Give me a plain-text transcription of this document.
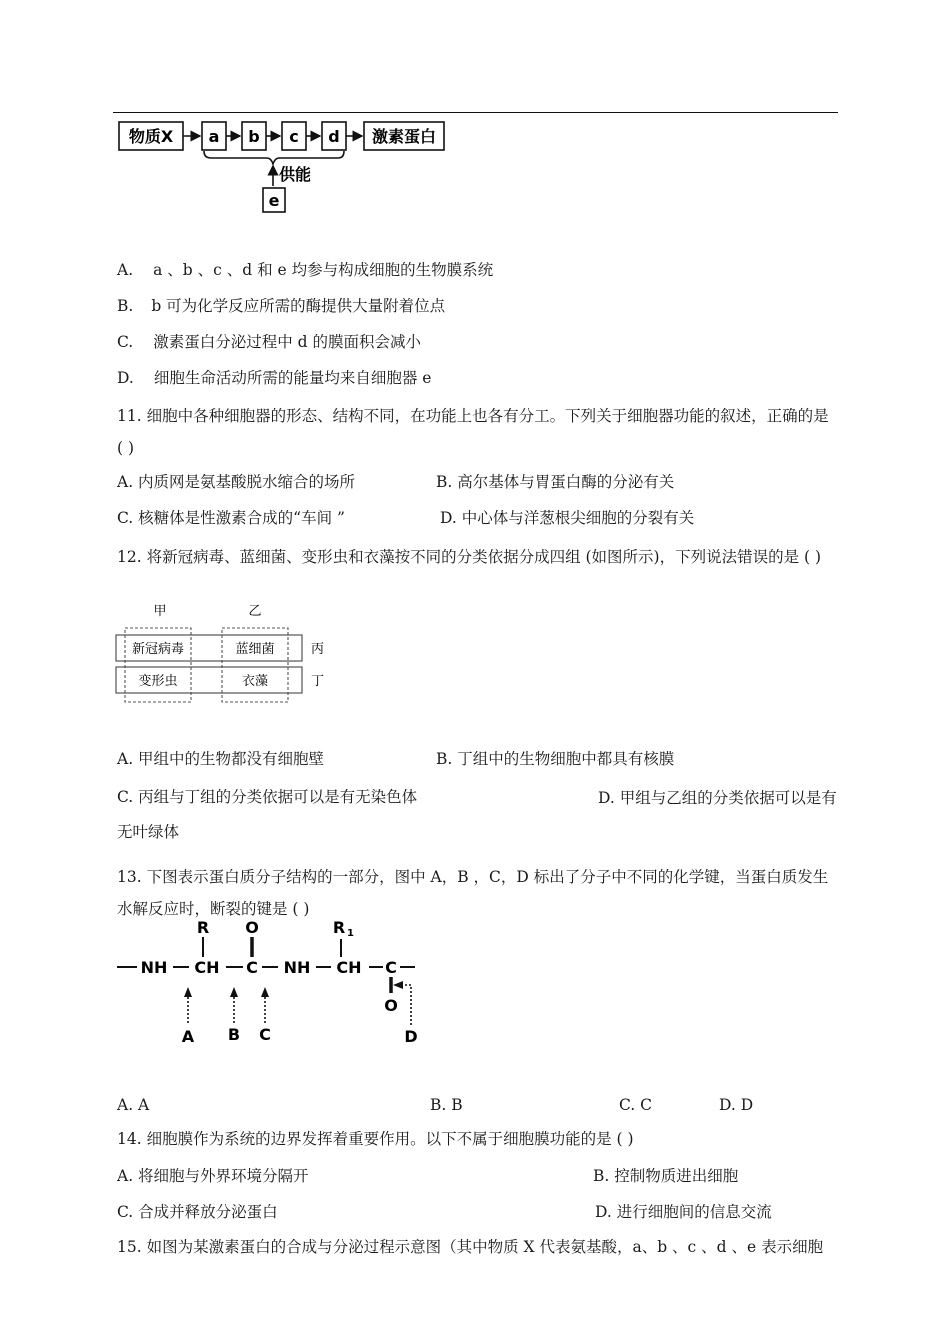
物质X a b c d 激素蛋白
供能
e
A. a 、b 、c 、d 和 e 均参与构成细胞的生物膜系统
B. b 可为化学反应所需的酶提供大量附着位点
C. 激素蛋白分泌过程中 d 的膜面积会减小
D. 细胞生命活动所需的能量均来自细胞器 e
11. 细胞中各种细胞器的形态、结构不同，在功能上也各有分工。下列关于细胞器功能的叙述，正确的是 ( )
A. 内质网是氨基酸脱水缩合的场所	B. 高尔基体与胃蛋白酶的分泌有关
C. 核糖体是性激素合成的“车间 ”	D. 中心体与洋葱根尖细胞的分裂有关
12. 将新冠病毒、蓝细菌、变形虫和衣藻按不同的分类依据分成四组 (如图所示)，下列说法错误的是 ( )
甲	乙
新冠病毒	蓝细菌
变形虫	衣藻
丙
丁
A. 甲组中的生物都没有细胞壁	B. 丁组中的生物细胞中都具有核膜
C. 丙组与丁组的分类依据可以是有无染色体	D. 甲组与乙组的分类依据可以是有无叶绿体
13. 下图表示蛋白质分子结构的一部分，图中 A，B ，C，D 标出了分子中不同的化学键，当蛋白质发生水解反应时，断裂的键是 ( )
R O	R 1
NH CH C NH CH C
O
A B C	D
A. A	B. B	C. C	D. D
14. 细胞膜作为系统的边界发挥着重要作用。以下不属于细胞膜功能的是 ( )
A. 将细胞与外界环境分隔开	B. 控制物质进出细胞
C. 合成并释放分泌蛋白	D. 进行细胞间的信息交流
15. 如图为某激素蛋白的合成与分泌过程示意图（其中物质 X 代表氨基酸，a、b 、c 、d 、e 表示细胞
